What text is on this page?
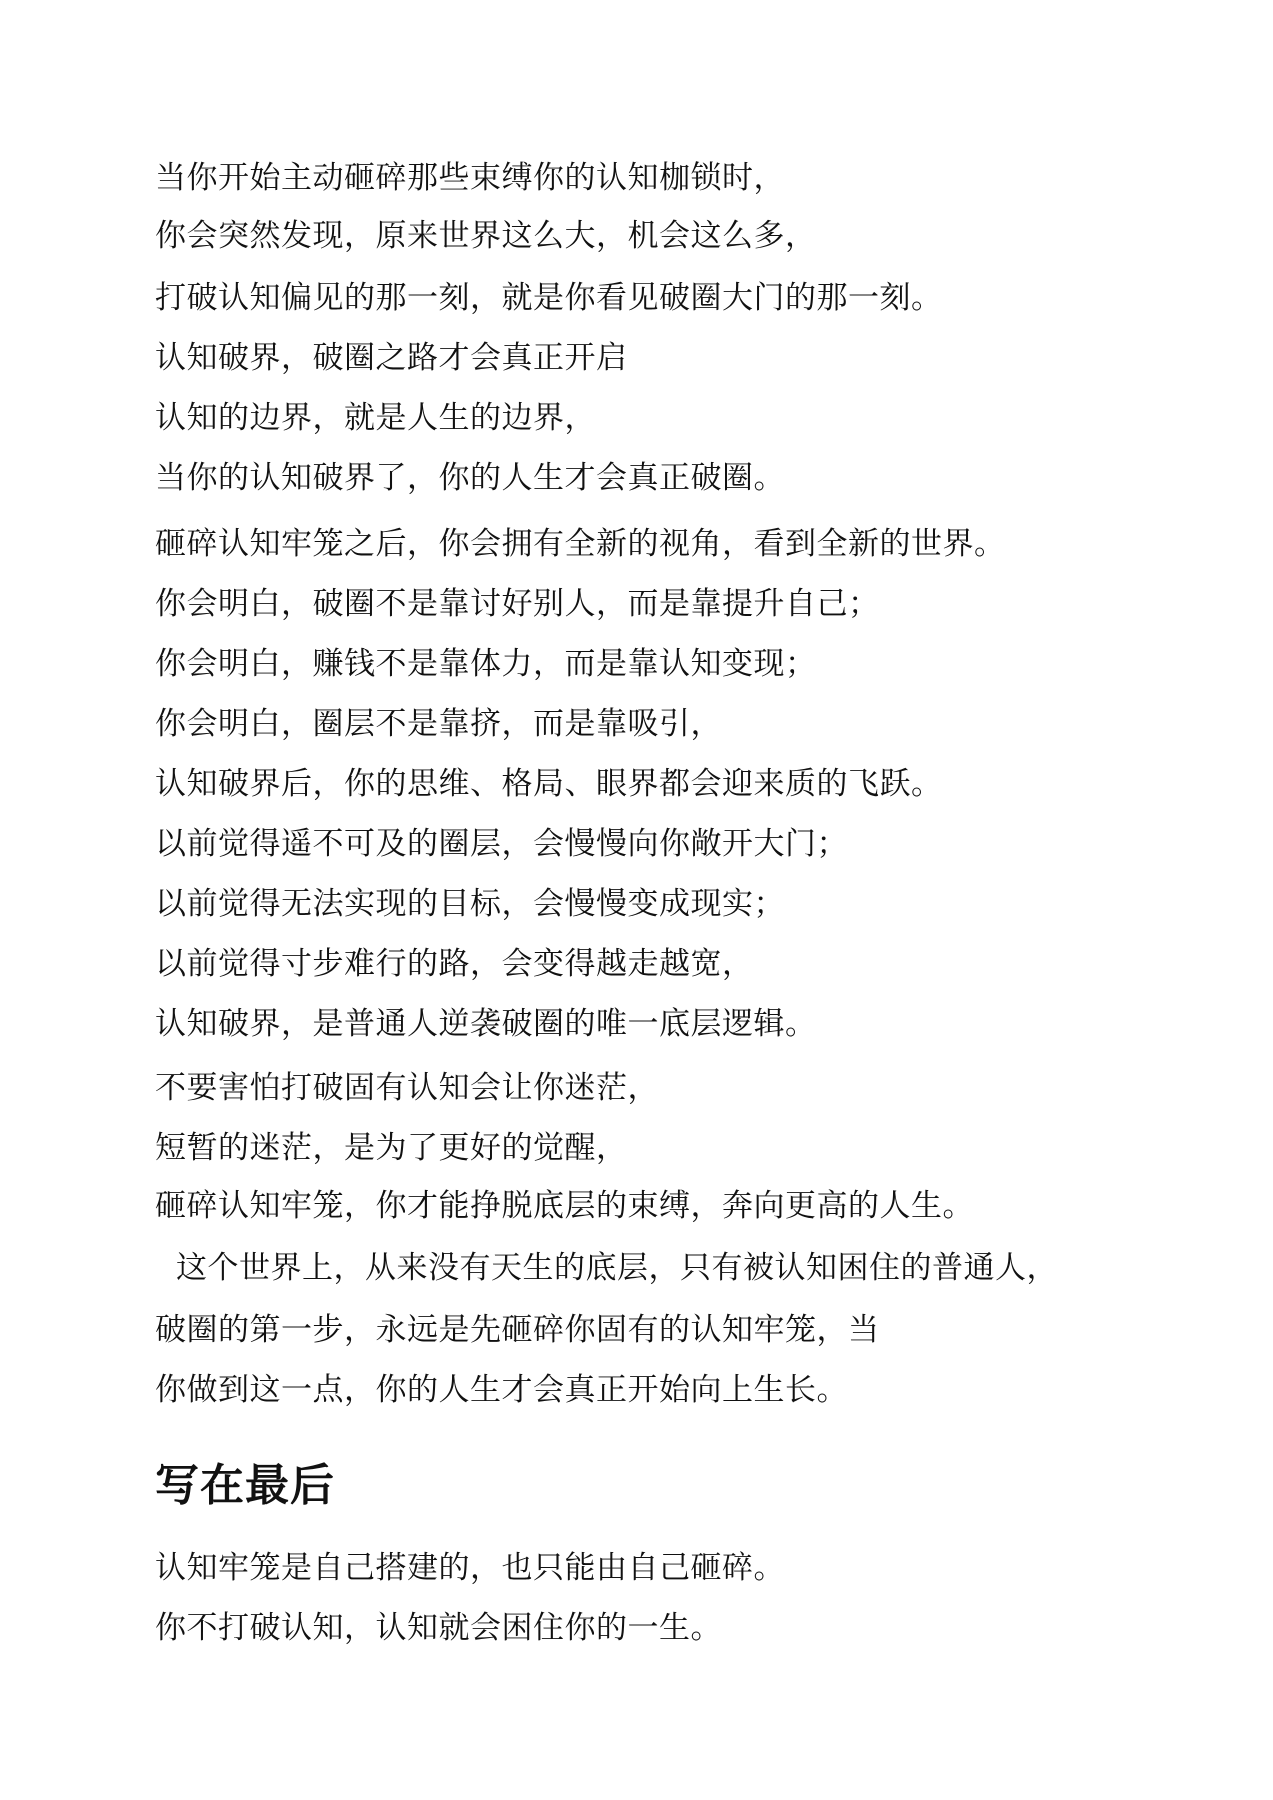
当你开始主动砸碎那些束缚你的认知枷锁时，
你会突然发现，原来世界这么大，机会这么多，
打破认知偏见的那一刻，就是你看见破圈大门的那一刻。
认知破界，破圈之路才会真正开启
认知的边界，就是人生的边界，
当你的认知破界了，你的人生才会真正破圈。
砸碎认知牢笼之后，你会拥有全新的视角，看到全新的世界。
你会明白，破圈不是靠讨好别人，而是靠提升自己；
你会明白，赚钱不是靠体力，而是靠认知变现；
你会明白，圈层不是靠挤，而是靠吸引，
认知破界后，你的思维、格局、眼界都会迎来质的飞跃。
以前觉得遥不可及的圈层，会慢慢向你敞开大门；
以前觉得无法实现的目标，会慢慢变成现实；
以前觉得寸步难行的路，会变得越走越宽，
认知破界，是普通人逆袭破圈的唯一底层逻辑。
不要害怕打破固有认知会让你迷茫，
短暂的迷茫，是为了更好的觉醒，
砸碎认知牢笼，你才能挣脱底层的束缚，奔向更高的人生。
这个世界上，从来没有天生的底层，只有被认知困住的普通人，
破圈的第一步，永远是先砸碎你固有的认知牢笼，当
你做到这一点，你的人生才会真正开始向上生长。
写在最后
认知牢笼是自己搭建的，也只能由自己砸碎。
你不打破认知，认知就会困住你的一生。
